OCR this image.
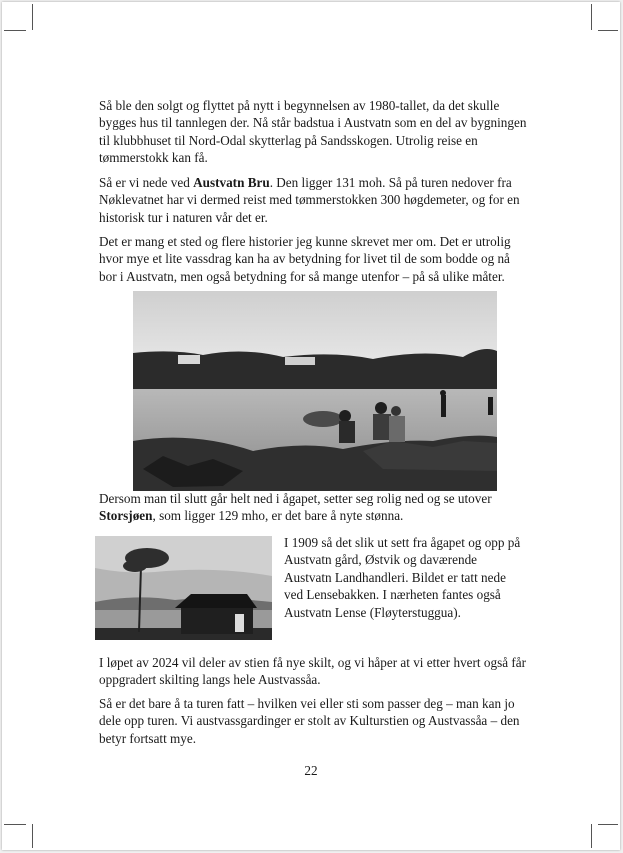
Så ble den solgt og flyttet på nytt i begynnelsen av 1980-tallet, da det skulle bygges hus til tannlegen der. Nå står badstua i Austvatn som en del av bygningen til klubbhuset til Nord-Odal skytterlag på Sandsskogen. Utrolig reise en tømmerstokk kan få.

Så er vi nede ved Austvatn Bru. Den ligger 131 moh. Så på turen nedover fra Nøklevatnet har vi dermed reist med tømmerstokken 300 høgdemeter, og for en historisk tur i naturen vår det er.

Det er mang et sted og flere historier jeg kunne skrevet mer om. Det er utrolig hvor mye et lite vassdrag kan ha av betydning for livet til de som bodde og nå bor i Austvatn, men også betydning for så mange utenfor – på så ulike måter.

Dersom man til slutt går helt ned i ågapet, setter seg rolig ned og se utover Storsjøen, som ligger 129 mho, er det bare å nyte stønna.

I 1909 så det slik ut sett fra ågapet og opp på Austvatn gård, Østvik og daværende Austvatn Landhandleri. Bildet er tatt nede ved Lensebakken. I nærheten fantes også Austvatn Lense (Fløyterstuggua).

I løpet av 2024 vil deler av stien få nye skilt, og vi håper at vi etter hvert også får oppgradert skilting langs hele Austvassåa.

Så er det bare å ta turen fatt – hvilken vei eller sti som passer deg – man kan jo dele opp turen. Vi austvassgardinger er stolt av Kulturstien og Austvassåa – den betyr fortsatt mye.

22
